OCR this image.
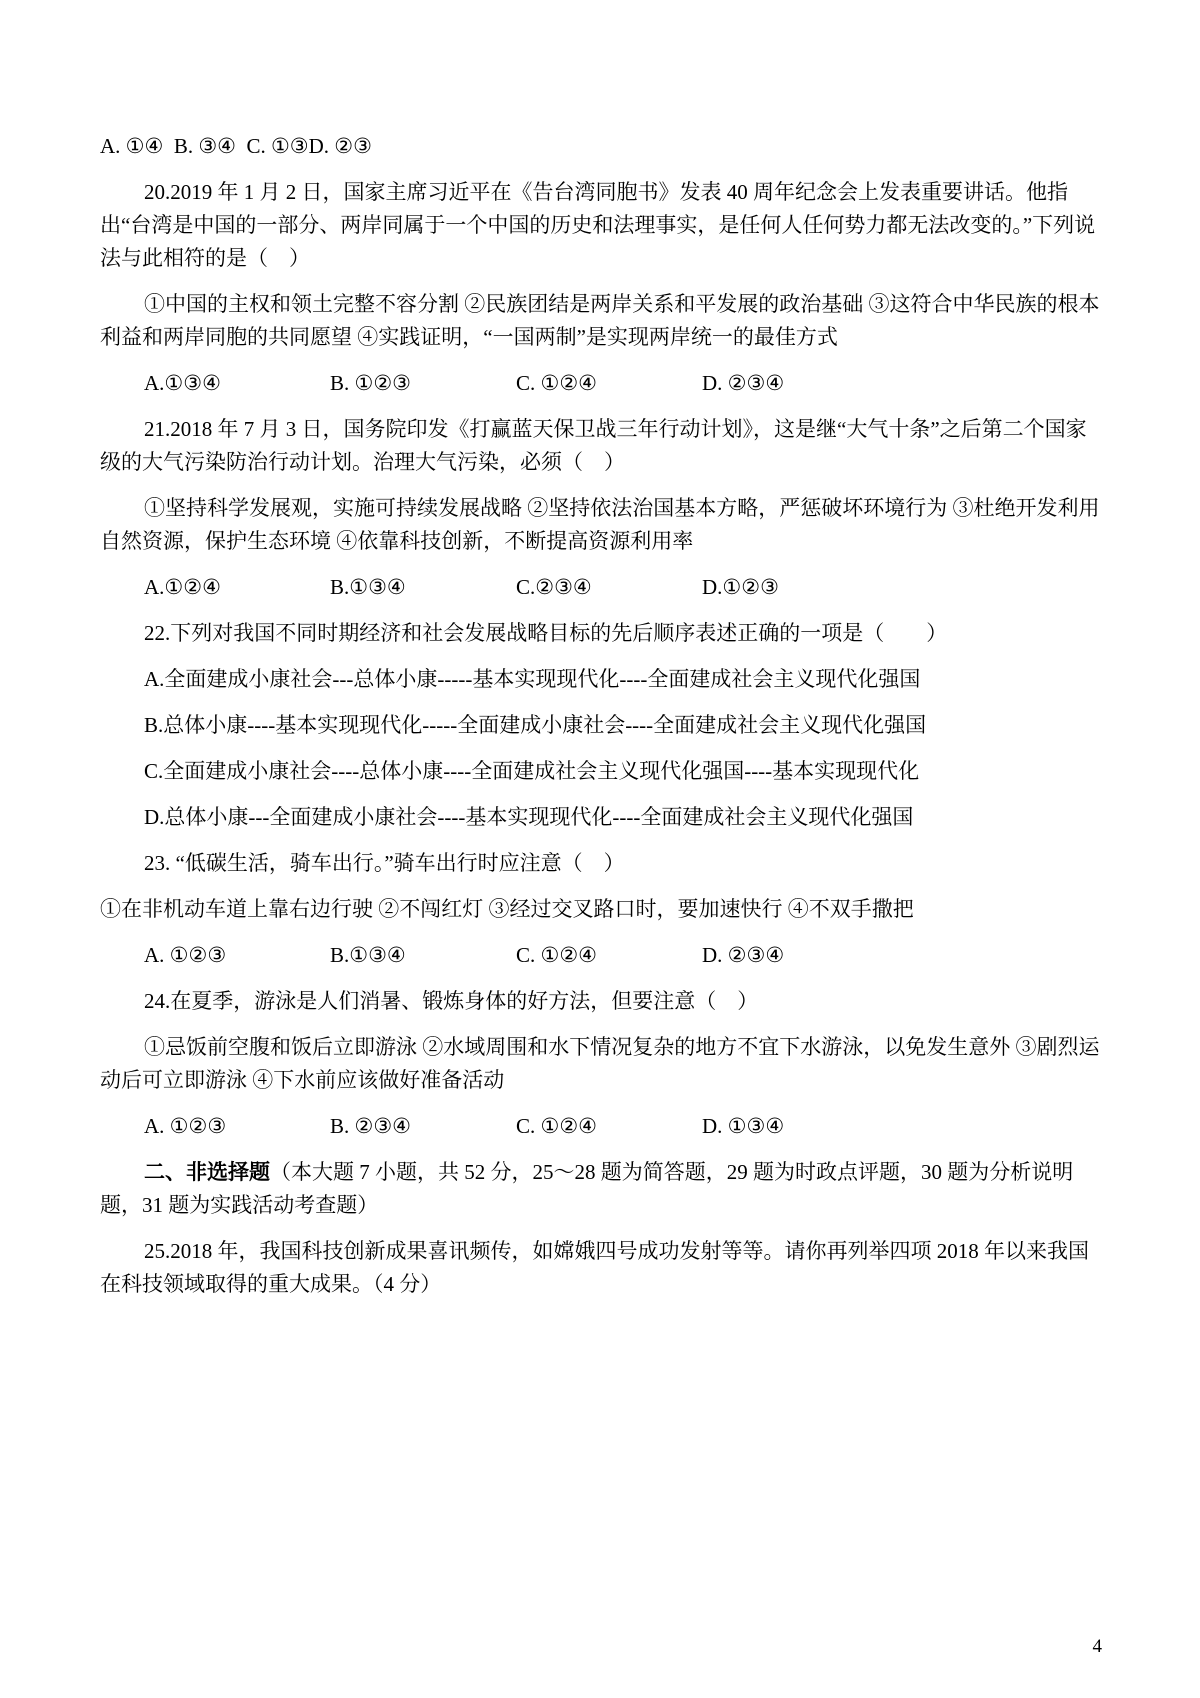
A. ①④  B. ③④  C. ①③D. ②③

20.2019 年 1 月 2 日，国家主席习近平在《告台湾同胞书》发表 40 周年纪念会上发表重要讲话。他指出“台湾是中国的一部分、两岸同属于一个中国的历史和法理事实，是任何人任何势力都无法改变的。”下列说法与此相符的是（　）

①中国的主权和领土完整不容分割 ②民族团结是两岸关系和平发展的政治基础 ③这符合中华民族的根本利益和两岸同胞的共同愿望 ④实践证明，“一国两制”是实现两岸统一的最佳方式

A.①③④	B. ①②③	C. ①②④	D. ②③④

21.2018 年 7 月 3 日，国务院印发《打赢蓝天保卫战三年行动计划》，这是继“大气十条”之后第二个国家级的大气污染防治行动计划。治理大气污染，必须（　）

①坚持科学发展观，实施可持续发展战略 ②坚持依法治国基本方略，严惩破坏环境行为 ③杜绝开发利用自然资源，保护生态环境 ④依靠科技创新，不断提高资源利用率

A.①②④	B.①③④	C.②③④	D.①②③

22.下列对我国不同时期经济和社会发展战略目标的先后顺序表述正确的一项是（　　）

A.全面建成小康社会---总体小康-----基本实现现代化----全面建成社会主义现代化强国

B.总体小康----基本实现现代化-----全面建成小康社会----全面建成社会主义现代化强国

C.全面建成小康社会----总体小康----全面建成社会主义现代化强国----基本实现现代化

D.总体小康---全面建成小康社会----基本实现现代化----全面建成社会主义现代化强国

23. “低碳生活，骑车出行。”骑车出行时应注意（　）

①在非机动车道上靠右边行驶 ②不闯红灯 ③经过交叉路口时，要加速快行 ④不双手撒把

A. ①②③	B.①③④	C. ①②④	D. ②③④

24.在夏季，游泳是人们消暑、锻炼身体的好方法，但要注意（　）

①忌饭前空腹和饭后立即游泳 ②水域周围和水下情况复杂的地方不宜下水游泳，以免发生意外 ③剧烈运动后可立即游泳 ④下水前应该做好准备活动

A. ①②③	B. ②③④	C. ①②④	D. ①③④

二、非选择题（本大题 7 小题，共 52 分，25～28 题为简答题，29 题为时政点评题，30 题为分析说明题，31 题为实践活动考查题）

25.2018 年，我国科技创新成果喜讯频传，如嫦娥四号成功发射等等。请你再列举四项 2018 年以来我国在科技领域取得的重大成果。（4 分）

4
